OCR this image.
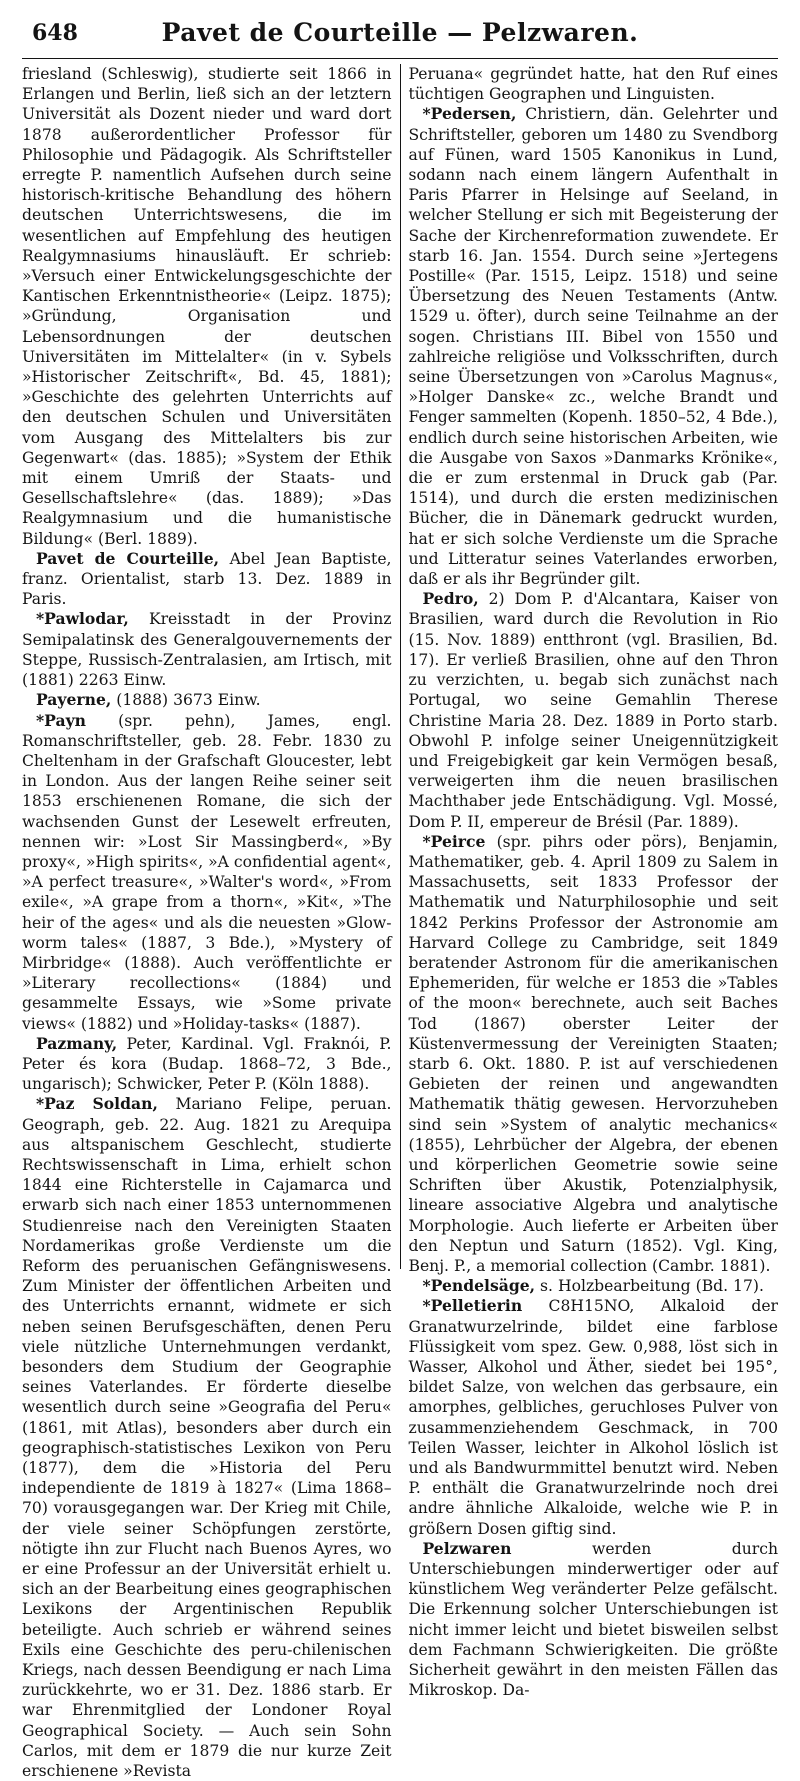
648	Pavet de Courteille — Pelzwaren.

friesland (Schleswig), studierte seit 1866 in Erlangen und Berlin, ließ sich an der letztern Universität als Dozent nieder und ward dort 1878 außerordentlicher Professor für Philosophie und Pädagogik. Als Schriftsteller erregte P. namentlich Aufsehen durch seine historisch-kritische Behandlung des höhern deutschen Unterrichtswesens, die im wesentlichen auf Empfehlung des heutigen Realgymnasiums hinausläuft. Er schrieb: »Versuch einer Entwickelungsgeschichte der Kantischen Erkenntnistheorie« (Leipz. 1875); »Gründung, Organisation und Lebensordnungen der deutschen Universitäten im Mittelalter« (in v. Sybels »Historischer Zeitschrift«, Bd. 45, 1881); »Geschichte des gelehrten Unterrichts auf den deutschen Schulen und Universitäten vom Ausgang des Mittelalters bis zur Gegenwart« (das. 1885); »System der Ethik mit einem Umriß der Staats- und Gesellschaftslehre« (das. 1889); »Das Realgymnasium und die humanistische Bildung« (Berl. 1889).

Pavet de Courteille, Abel Jean Baptiste, franz. Orientalist, starb 13. Dez. 1889 in Paris.

*Pawlodar, Kreisstadt in der Provinz Semipalatinsk des Generalgouvernements der Steppe, Russisch-Zentralasien, am Irtisch, mit (1881) 2263 Einw.

Payerne, (1888) 3673 Einw.

*Payn (spr. pehn), James, engl. Romanschriftsteller, geb. 28. Febr. 1830 zu Cheltenham in der Grafschaft Gloucester, lebt in London. Aus der langen Reihe seiner seit 1853 erschienenen Romane, die sich der wachsenden Gunst der Lesewelt erfreuten, nennen wir: »Lost Sir Massingberd«, »By proxy«, »High spirits«, »A confidential agent«, »A perfect treasure«, »Walter's word«, »From exile«, »A grape from a thorn«, »Kit«, »The heir of the ages« und als die neuesten »Glow-worm tales« (1887, 3 Bde.), »Mystery of Mirbridge« (1888). Auch veröffentlichte er »Literary recollections« (1884) und gesammelte Essays, wie »Some private views« (1882) und »Holiday-tasks« (1887).

Pazmany, Peter, Kardinal. Vgl. Fraknói, P. Peter és kora (Budap. 1868–72, 3 Bde., ungarisch); Schwicker, Peter P. (Köln 1888).

*Paz Soldan, Mariano Felipe, peruan. Geograph, geb. 22. Aug. 1821 zu Arequipa aus altspanischem Geschlecht, studierte Rechtswissenschaft in Lima, erhielt schon 1844 eine Richterstelle in Cajamarca und erwarb sich nach einer 1853 unternommenen Studienreise nach den Vereinigten Staaten Nordamerikas große Verdienste um die Reform des peruanischen Gefängniswesens. Zum Minister der öffentlichen Arbeiten und des Unterrichts ernannt, widmete er sich neben seinen Berufsgeschäften, denen Peru viele nützliche Unternehmungen verdankt, besonders dem Studium der Geographie seines Vaterlandes. Er förderte dieselbe wesentlich durch seine »Geografia del Peru« (1861, mit Atlas), besonders aber durch ein geographisch-statistisches Lexikon von Peru (1877), dem die »Historia del Peru independiente de 1819 à 1827« (Lima 1868–70) vorausgegangen war. Der Krieg mit Chile, der viele seiner Schöpfungen zerstörte, nötigte ihn zur Flucht nach Buenos Ayres, wo er eine Professur an der Universität erhielt u. sich an der Bearbeitung eines geographischen Lexikons der Argentinischen Republik beteiligte. Auch schrieb er während seines Exils eine Geschichte des peru-chilenischen Kriegs, nach dessen Beendigung er nach Lima zurückkehrte, wo er 31. Dez. 1886 starb. Er war Ehrenmitglied der Londoner Royal Geographical Society. — Auch sein Sohn Carlos, mit dem er 1879 die nur kurze Zeit erschienene »Revista

Peruana« gegründet hatte, hat den Ruf eines tüchtigen Geographen und Linguisten.

*Pedersen, Christiern, dän. Gelehrter und Schriftsteller, geboren um 1480 zu Svendborg auf Fünen, ward 1505 Kanonikus in Lund, sodann nach einem längern Aufenthalt in Paris Pfarrer in Helsinge auf Seeland, in welcher Stellung er sich mit Begeisterung der Sache der Kirchenreformation zuwendete. Er starb 16. Jan. 1554. Durch seine »Jertegens Postille« (Par. 1515, Leipz. 1518) und seine Übersetzung des Neuen Testaments (Antw. 1529 u. öfter), durch seine Teilnahme an der sogen. Christians III. Bibel von 1550 und zahlreiche religiöse und Volksschriften, durch seine Übersetzungen von »Carolus Magnus«, »Holger Danske« zc., welche Brandt und Fenger sammelten (Kopenh. 1850–52, 4 Bde.), endlich durch seine historischen Arbeiten, wie die Ausgabe von Saxos »Danmarks Krönike«, die er zum erstenmal in Druck gab (Par. 1514), und durch die ersten medizinischen Bücher, die in Dänemark gedruckt wurden, hat er sich solche Verdienste um die Sprache und Litteratur seines Vaterlandes erworben, daß er als ihr Begründer gilt.

Pedro, 2) Dom P. d'Alcantara, Kaiser von Brasilien, ward durch die Revolution in Rio (15. Nov. 1889) entthront (vgl. Brasilien, Bd. 17). Er verließ Brasilien, ohne auf den Thron zu verzichten, u. begab sich zunächst nach Portugal, wo seine Gemahlin Therese Christine Maria 28. Dez. 1889 in Porto starb. Obwohl P. infolge seiner Uneigennützigkeit und Freigebigkeit gar kein Vermögen besaß, verweigerten ihm die neuen brasilischen Machthaber jede Entschädigung. Vgl. Mossé, Dom P. II, empereur de Brésil (Par. 1889).

*Peirce (spr. pihrs oder pörs), Benjamin, Mathematiker, geb. 4. April 1809 zu Salem in Massachusetts, seit 1833 Professor der Mathematik und Naturphilosophie und seit 1842 Perkins Professor der Astronomie am Harvard College zu Cambridge, seit 1849 beratender Astronom für die amerikanischen Ephemeriden, für welche er 1853 die »Tables of the moon« berechnete, auch seit Baches Tod (1867) oberster Leiter der Küstenvermessung der Vereinigten Staaten; starb 6. Okt. 1880. P. ist auf verschiedenen Gebieten der reinen und angewandten Mathematik thätig gewesen. Hervorzuheben sind sein »System of analytic mechanics« (1855), Lehrbücher der Algebra, der ebenen und körperlichen Geometrie sowie seine Schriften über Akustik, Potenzialphysik, lineare associative Algebra und analytische Morphologie. Auch lieferte er Arbeiten über den Neptun und Saturn (1852). Vgl. King, Benj. P., a memorial collection (Cambr. 1881).

*Pendelsäge, s. Holzbearbeitung (Bd. 17).

*Pelletierin C8H15NO, Alkaloid der Granatwurzelrinde, bildet eine farblose Flüssigkeit vom spez. Gew. 0,988, löst sich in Wasser, Alkohol und Äther, siedet bei 195°, bildet Salze, von welchen das gerbsaure, ein amorphes, gelbliches, geruchloses Pulver von zusammenziehendem Geschmack, in 700 Teilen Wasser, leichter in Alkohol löslich ist und als Bandwurmmittel benutzt wird. Neben P. enthält die Granatwurzelrinde noch drei andre ähnliche Alkaloide, welche wie P. in größern Dosen giftig sind.

Pelzwaren werden durch Unterschiebungen minderwertiger oder auf künstlichem Weg veränderter Pelze gefälscht. Die Erkennung solcher Unterschiebungen ist nicht immer leicht und bietet bisweilen selbst dem Fachmann Schwierigkeiten. Die größte Sicherheit gewährt in den meisten Fällen das Mikroskop. Da-
